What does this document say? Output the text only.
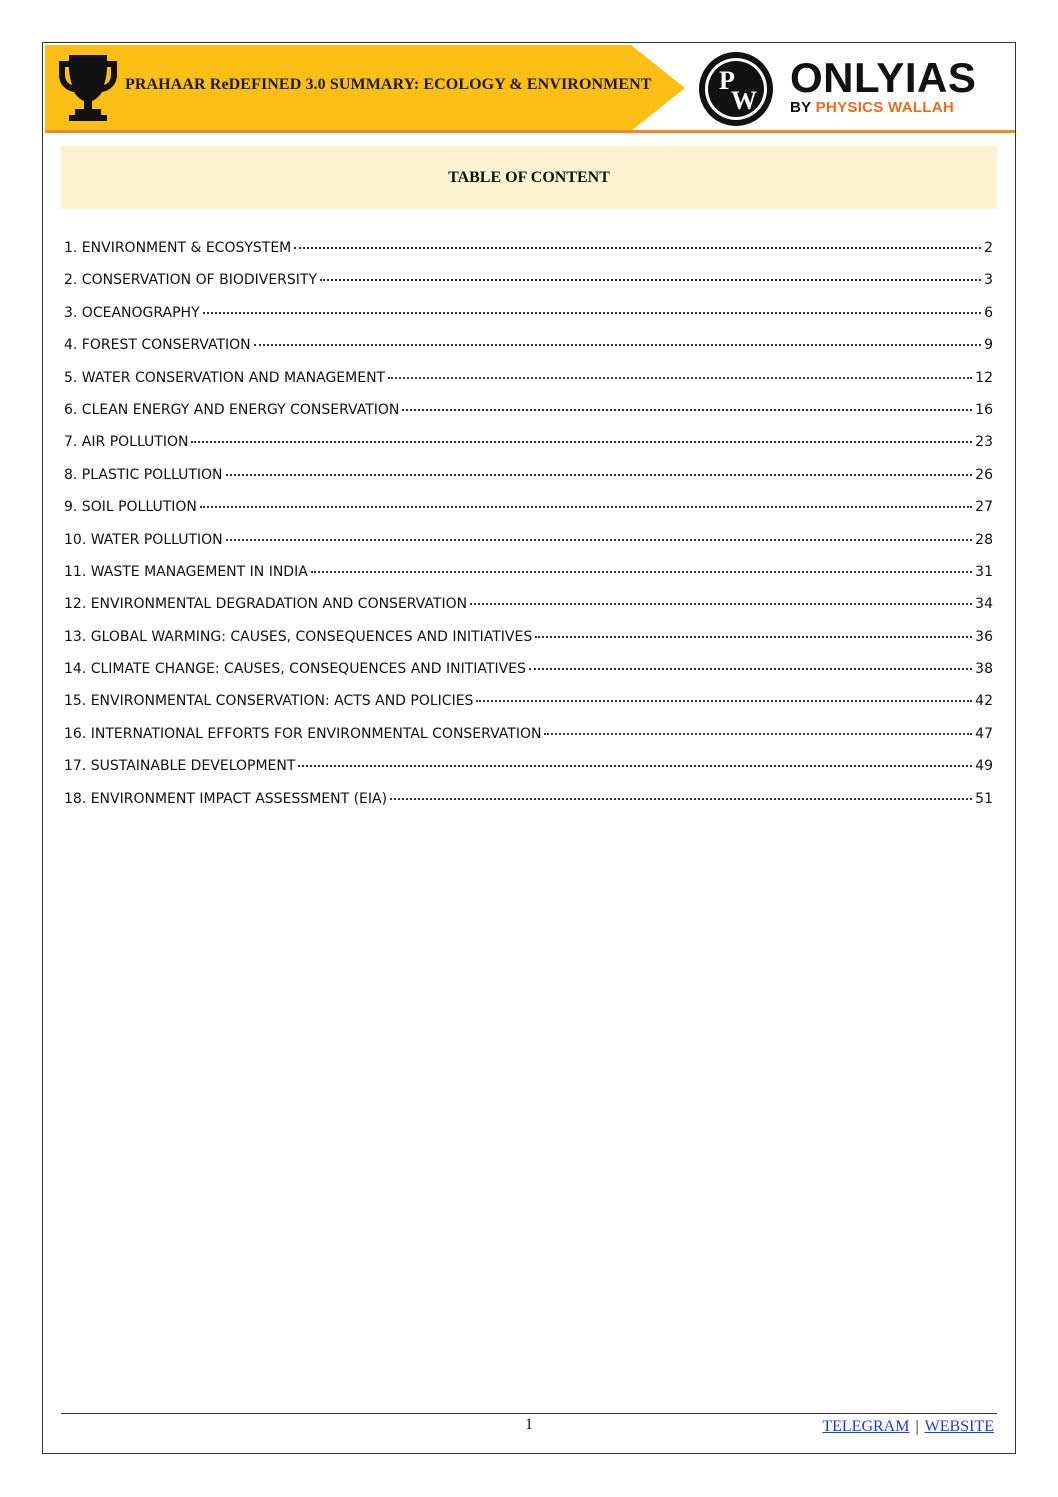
PRAHAAR ReDEFINED 3.0 SUMMARY: ECOLOGY & ENVIRONMENT	P
W ONLYIAS
BY PHYSICS WALLAH
TABLE OF CONTENT
1. ENVIRONMENT & ECOSYSTEM	2
2. CONSERVATION OF BIODIVERSITY	3
3. OCEANOGRAPHY	6
4. FOREST CONSERVATION	9
5. WATER CONSERVATION AND MANAGEMENT	12
6. CLEAN ENERGY AND ENERGY CONSERVATION	16
7. AIR POLLUTION	23
8. PLASTIC POLLUTION	26
9. SOIL POLLUTION	27
10. WATER POLLUTION	28
11. WASTE MANAGEMENT IN INDIA	31
12. ENVIRONMENTAL DEGRADATION AND CONSERVATION	34
13. GLOBAL WARMING: CAUSES, CONSEQUENCES AND INITIATIVES	36
14. CLIMATE CHANGE: CAUSES, CONSEQUENCES AND INITIATIVES	38
15. ENVIRONMENTAL CONSERVATION: ACTS AND POLICIES	42
16. INTERNATIONAL EFFORTS FOR ENVIRONMENTAL CONSERVATION	47
17. SUSTAINABLE DEVELOPMENT	49
18. ENVIRONMENT IMPACT ASSESSMENT (EIA)	51
1	TELEGRAM | WEBSITE
